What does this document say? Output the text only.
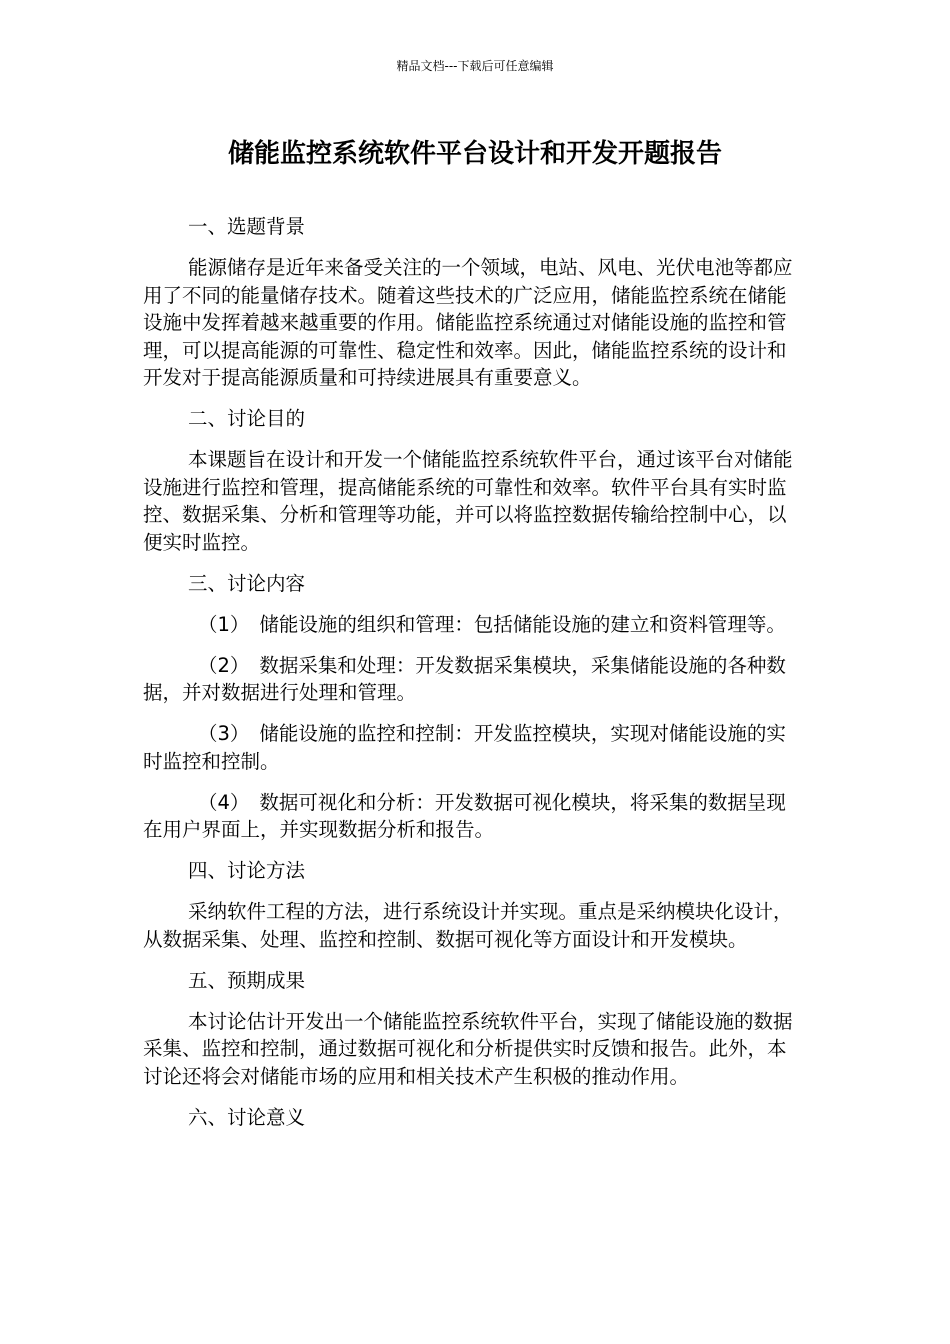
精品文档---下载后可任意编辑
储能监控系统软件平台设计和开发开题报告
一、选题背景

能源储存是近年来备受关注的一个领域，电站、风电、光伏电池等都应用了不同的能量储存技术。随着这些技术的广泛应用，储能监控系统在储能设施中发挥着越来越重要的作用。储能监控系统通过对储能设施的监控和管理，可以提高能源的可靠性、稳定性和效率。因此，储能监控系统的设计和开发对于提高能源质量和可持续进展具有重要意义。

二、讨论目的

本课题旨在设计和开发一个储能监控系统软件平台，通过该平台对储能设施进行监控和管理，提高储能系统的可靠性和效率。软件平台具有实时监控、数据采集、分析和管理等功能，并可以将监控数据传输给控制中心，以便实时监控。

三、讨论内容

（1） 储能设施的组织和管理：包括储能设施的建立和资料管理等。

（2） 数据采集和处理：开发数据采集模块，采集储能设施的各种数据，并对数据进行处理和管理。

（3） 储能设施的监控和控制：开发监控模块，实现对储能设施的实时监控和控制。

（4） 数据可视化和分析：开发数据可视化模块，将采集的数据呈现在用户界面上，并实现数据分析和报告。

四、讨论方法

采纳软件工程的方法，进行系统设计并实现。重点是采纳模块化设计，从数据采集、处理、监控和控制、数据可视化等方面设计和开发模块。

五、预期成果

本讨论估计开发出一个储能监控系统软件平台，实现了储能设施的数据采集、监控和控制，通过数据可视化和分析提供实时反馈和报告。此外，本讨论还将会对储能市场的应用和相关技术产生积极的推动作用。

六、讨论意义
